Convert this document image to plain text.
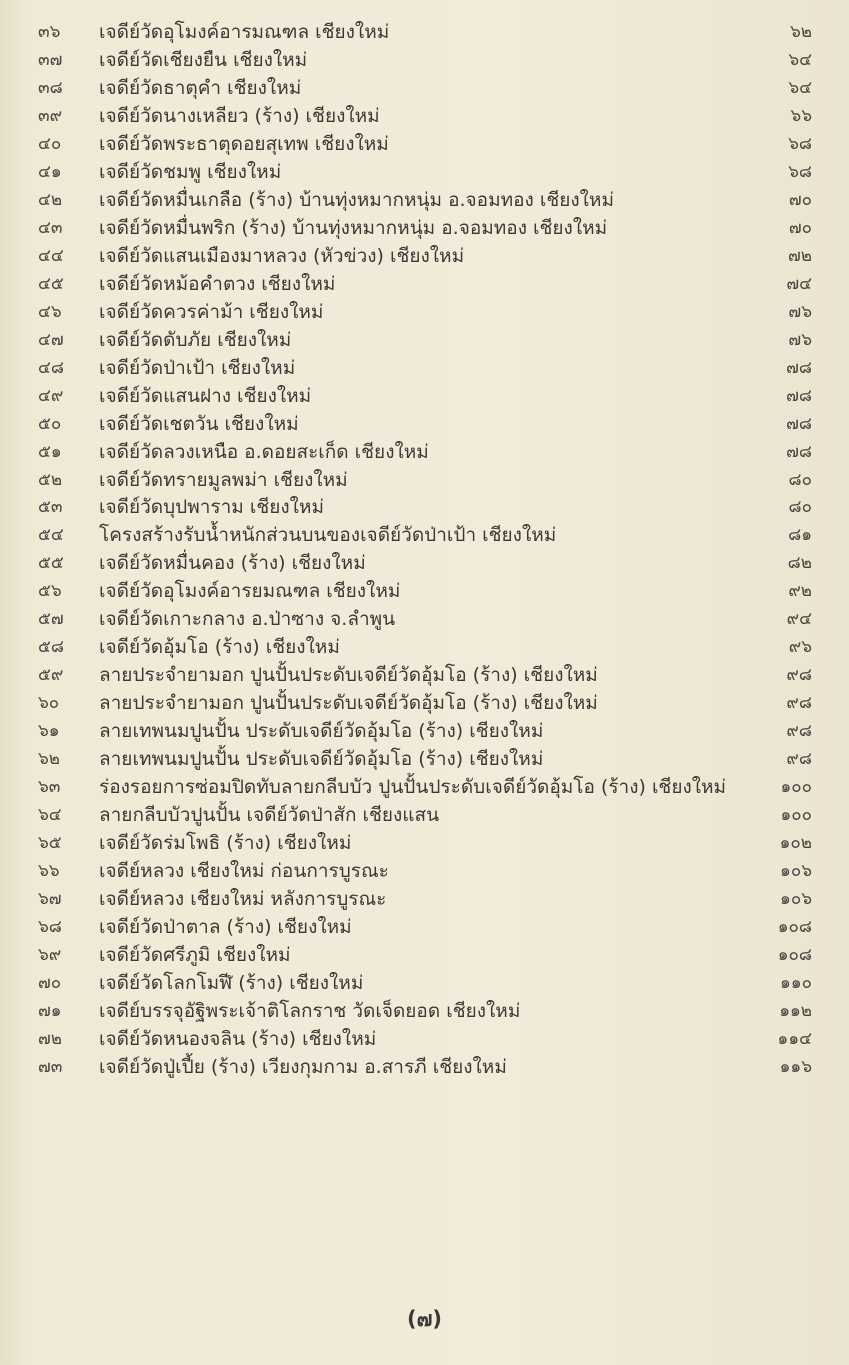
๓๖ เจดีย์วัดอุโมงค์อารมณฑล เชียงใหม่	๖๒
๓๗ เจดีย์วัดเชียงยืน เชียงใหม่	๖๔
๓๘ เจดีย์วัดธาตุคำ เชียงใหม่	๖๔
๓๙ เจดีย์วัดนางเหลียว (ร้าง) เชียงใหม่	๖๖
๔๐ เจดีย์วัดพระธาตุดอยสุเทพ เชียงใหม่	๖๘
๔๑ เจดีย์วัดชมพู เชียงใหม่	๖๘
๔๒ เจดีย์วัดหมื่นเกลือ (ร้าง) บ้านทุ่งหมากหนุ่ม อ.จอมทอง เชียงใหม่	๗๐
๔๓ เจดีย์วัดหมื่นพริก (ร้าง) บ้านทุ่งหมากหนุ่ม อ.จอมทอง เชียงใหม่	๗๐
๔๔ เจดีย์วัดแสนเมืองมาหลวง (หัวข่วง) เชียงใหม่	๗๒
๔๕ เจดีย์วัดหม้อคำตวง เชียงใหม่	๗๔
๔๖ เจดีย์วัดควรค่าม้า เชียงใหม่	๗๖
๔๗ เจดีย์วัดดับภัย เชียงใหม่	๗๖
๔๘ เจดีย์วัดป่าเป้า เชียงใหม่	๗๘
๔๙ เจดีย์วัดแสนฝาง เชียงใหม่	๗๘
๕๐ เจดีย์วัดเชตวัน เชียงใหม่	๗๘
๕๑ เจดีย์วัดลวงเหนือ อ.ดอยสะเก็ด เชียงใหม่	๗๘
๕๒ เจดีย์วัดทรายมูลพม่า เชียงใหม่	๘๐
๕๓ เจดีย์วัดบุปพาราม เชียงใหม่	๘๐
๕๔ โครงสร้างรับน้ำหนักส่วนบนของเจดีย์วัดป่าเป้า เชียงใหม่	๘๑
๕๕ เจดีย์วัดหมื่นคอง (ร้าง) เชียงใหม่	๘๒
๕๖ เจดีย์วัดอุโมงค์อารยมณฑล เชียงใหม่	๙๒
๕๗ เจดีย์วัดเกาะกลาง อ.ป่าซาง จ.ลำพูน	๙๔
๕๘ เจดีย์วัดอุ้มโอ (ร้าง) เชียงใหม่	๙๖
๕๙ ลายประจำยามอก ปูนปั้นประดับเจดีย์วัดอุ้มโอ (ร้าง) เชียงใหม่	๙๘
๖๐ ลายประจำยามอก ปูนปั้นประดับเจดีย์วัดอุ้มโอ (ร้าง) เชียงใหม่	๙๘
๖๑ ลายเทพนมปูนปั้น ประดับเจดีย์วัดอุ้มโอ (ร้าง) เชียงใหม่	๙๘
๖๒ ลายเทพนมปูนปั้น ประดับเจดีย์วัดอุ้มโอ (ร้าง) เชียงใหม่	๙๘
๖๓ ร่องรอยการซ่อมปิดทับลายกลีบบัว ปูนปั้นประดับเจดีย์วัดอุ้มโอ (ร้าง) เชียงใหม่	๑๐๐
๖๔ ลายกลีบบัวปูนปั้น เจดีย์วัดป่าสัก เชียงแสน	๑๐๐
๖๕ เจดีย์วัดร่มโพธิ (ร้าง) เชียงใหม่	๑๐๒
๖๖ เจดีย์หลวง เชียงใหม่ ก่อนการบูรณะ	๑๐๖
๖๗ เจดีย์หลวง เชียงใหม่ หลังการบูรณะ	๑๐๖
๖๘ เจดีย์วัดป่าตาล (ร้าง) เชียงใหม่	๑๐๘
๖๙ เจดีย์วัดศรีภูมิ เชียงใหม่	๑๐๘
๗๐ เจดีย์วัดโลกโมฬี (ร้าง) เชียงใหม่	๑๑๐
๗๑ เจดีย์บรรจุอัฐิพระเจ้าติโลกราช วัดเจ็ดยอด เชียงใหม่	๑๑๒
๗๒ เจดีย์วัดหนองจลิน (ร้าง) เชียงใหม่	๑๑๔
๗๓ เจดีย์วัดปู่เปี้ย (ร้าง) เวียงกุมกาม อ.สารภี เชียงใหม่	๑๑๖
(๗)
